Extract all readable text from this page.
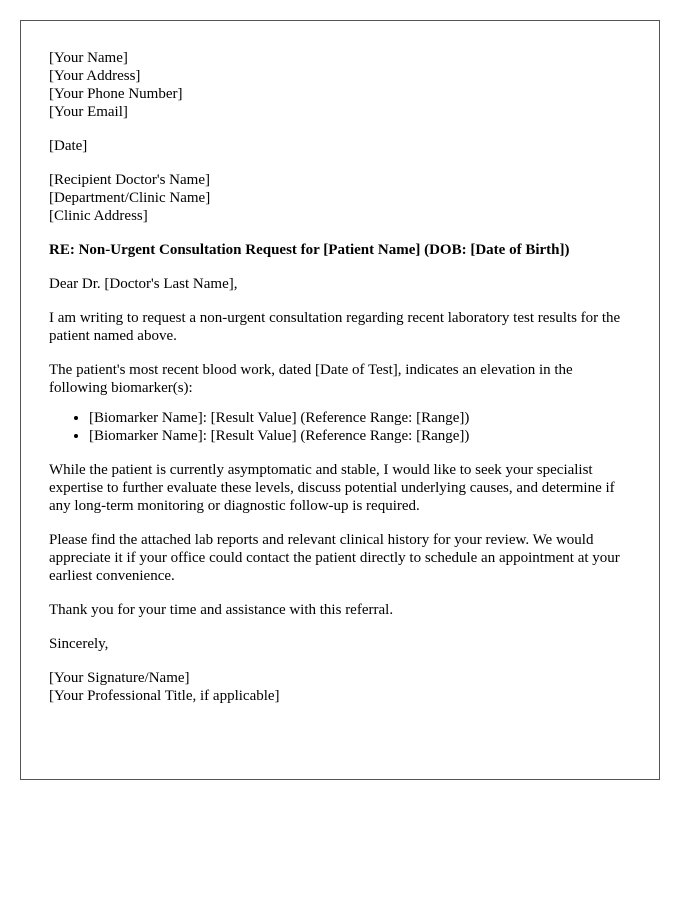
[Your Name]
[Your Address]
[Your Phone Number]
[Your Email]
[Date]
[Recipient Doctor's Name]
[Department/Clinic Name]
[Clinic Address]
RE: Non-Urgent Consultation Request for [Patient Name] (DOB: [Date of Birth])

Dear Dr. [Doctor's Last Name],

I am writing to request a non-urgent consultation regarding recent laboratory test results for the patient named above.

The patient's most recent blood work, dated [Date of Test], indicates an elevation in the following biomarker(s):

• [Biomarker Name]: [Result Value] (Reference Range: [Range])
• [Biomarker Name]: [Result Value] (Reference Range: [Range])

While the patient is currently asymptomatic and stable, I would like to seek your specialist expertise to further evaluate these levels, discuss potential underlying causes, and determine if any long-term monitoring or diagnostic follow-up is required.

Please find the attached lab reports and relevant clinical history for your review. We would appreciate it if your office could contact the patient directly to schedule an appointment at your earliest convenience.

Thank you for your time and assistance with this referral.

Sincerely,

[Your Signature/Name]
[Your Professional Title, if applicable]
